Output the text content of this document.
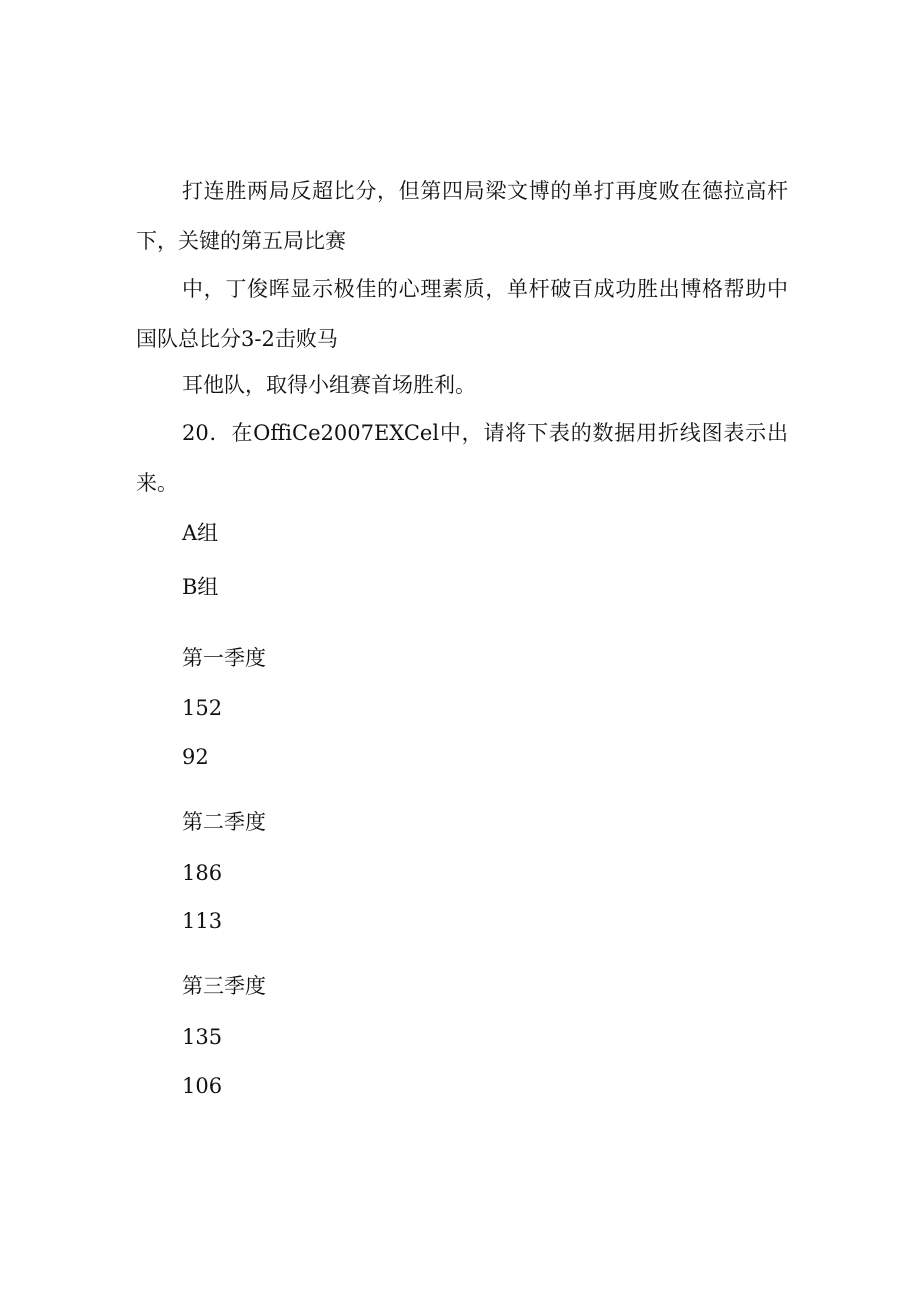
打连胜两局反超比分，但第四局梁文博的单打再度败在德拉高杆下，关键的第五局比赛

中，丁俊晖显示极佳的心理素质，单杆破百成功胜出博格帮助中国队总比分3-2击败马

耳他队，取得小组赛首场胜利。

20．在OffiCe2007EXCel中，请将下表的数据用折线图表示出来。

A组
B组
第一季度
152
92
第二季度
186
113
第三季度
135
106
